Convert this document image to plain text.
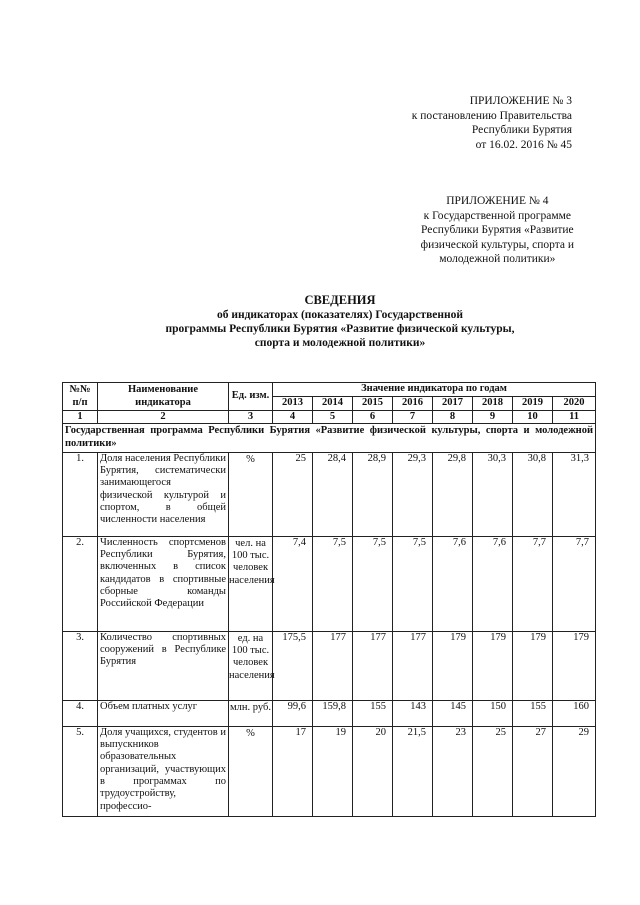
ПРИЛОЖЕНИЕ № 3
к постановлению Правительства
Республики Бурятия
от 16.02. 2016 № 45
ПРИЛОЖЕНИЕ № 4
к Государственной программе
Республики Бурятия «Развитие
физической культуры, спорта и
молодежной политики»
СВЕДЕНИЯ
об индикаторах (показателях) Государственной
программы Республики Бурятия «Развитие физической культуры,
спорта и молодежной политики»
№№ п/п	Наименование индикатора	Ед. изм.	Значение индикатора по годам							
			2013	2014	2015	2016	2017	2018	2019	2020
1	2	3	4	5	6	7	8	9	10	11
Государственная программа Республики Бурятия «Развитие физической культуры, спорта и молодежной политики»										
1.	Доля населения Республики Бурятия, систематически занимающегося физической культурой и спортом, в общей численности населения	%	25	28,4	28,9	29,3	29,8	30,3	30,8	31,3
2.	Численность спортсменов Республики Бурятия, включенных в список кандидатов в спортивные сборные команды Российской Федерации	чел. на 100 тыс. человек населения	7,4	7,5	7,5	7,5	7,6	7,6	7,7	7,7
3.	Количество спортивных сооружений в Республике Бурятия	ед. на 100 тыс. человек населения	175,5	177	177	177	179	179	179	179
4.	Объем платных услуг	млн. руб.	99,6	159,8	155	143	145	150	155	160
5.	Доля учащихся, студентов и выпускников образовательных организаций, участвующих в программах по трудоустройству, профессио-	%	17	19	20	21,5	23	25	27	29
